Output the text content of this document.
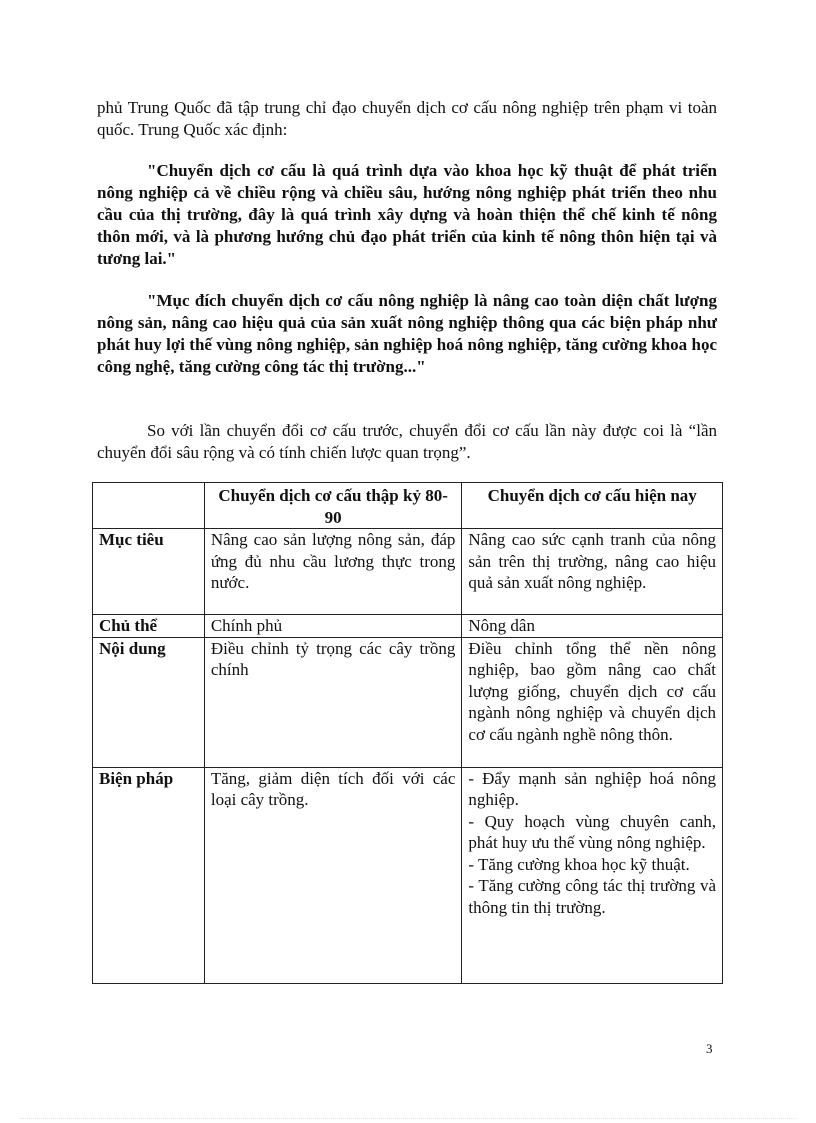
phủ Trung Quốc đã tập trung chỉ đạo chuyển dịch cơ cấu nông nghiệp trên phạm vi toàn quốc. Trung Quốc xác định:

"Chuyển dịch cơ cấu là quá trình dựa vào khoa học kỹ thuật để phát triển nông nghiệp cả về chiều rộng và chiều sâu, hướng nông nghiệp phát triển theo nhu cầu của thị trường, đây là quá trình xây dựng và hoàn thiện thể chế kinh tế nông thôn mới, và là phương hướng chủ đạo phát triển của kinh tế nông thôn hiện tại và tương lai."

"Mục đích chuyển dịch cơ cấu nông nghiệp là nâng cao toàn diện chất lượng nông sản, nâng cao hiệu quả của sản xuất nông nghiệp thông qua các biện pháp như phát huy lợi thế vùng nông nghiệp, sản nghiệp hoá nông nghiệp, tăng cường khoa học công nghệ, tăng cường công tác thị trường..."

So với lần chuyển đổi cơ cấu trước, chuyển đổi cơ cấu lần này được coi là “lần chuyển đổi sâu rộng và có tính chiến lược quan trọng”.

	Chuyển dịch cơ cấu thập kỷ 80-90	Chuyển dịch cơ cấu hiện nay
Mục tiêu	Nâng cao sản lượng nông sản, đáp ứng đủ nhu cầu lương thực trong nước.	Nâng cao sức cạnh tranh của nông sản trên thị trường, nâng cao hiệu quả sản xuất nông nghiệp.
Chủ thể	Chính phủ	Nông dân
Nội dung	Điều chỉnh tỷ trọng các cây trồng chính	Điều chỉnh tổng thể nền nông nghiệp, bao gồm nâng cao chất lượng giống, chuyển dịch cơ cấu ngành nông nghiệp và chuyển dịch cơ cấu ngành nghề nông thôn.
Biện pháp	Tăng, giảm diện tích đối với các loại cây trồng.	- Đẩy mạnh sản nghiệp hoá nông nghiệp.
- Quy hoạch vùng chuyên canh, phát huy ưu thế vùng nông nghiệp.
- Tăng cường khoa học kỹ thuật.
- Tăng cường công tác thị trường và thông tin thị trường.
3
